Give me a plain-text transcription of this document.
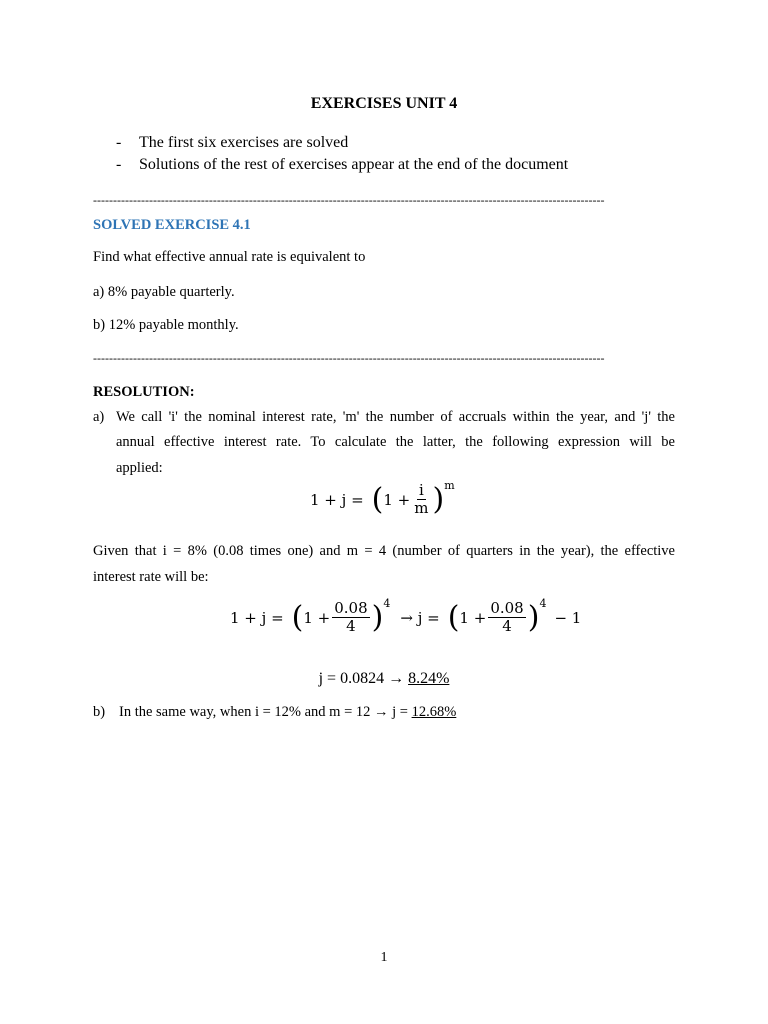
EXERCISES UNIT 4
-	The first six exercises are solved
-	Solutions of the rest of exercises appear at the end of the document
--------------------------------------------------------------------------------------------------------------------------------
SOLVED EXERCISE 4.1
Find what effective annual rate is equivalent to
a) 8% payable quarterly.
b) 12% payable monthly.
--------------------------------------------------------------------------------------------------------------------------------
RESOLUTION:
a) We call 'i' the nominal interest rate, 'm' the number of accruals within the year, and 'j' the
annual effective interest rate. To calculate the latter, the following expression will be
applied:
1 + j = ( $1 + \frac{i}{m}$ ) m
Given that i = 8% (0.08 times one) and m = 4 (number of quarters in the year), the effective
interest rate will be:
1 + j = ( $1 + \frac{0.08}{4}$ ) 4
→ j = ( $1 + \frac{0.08}{4}$ ) 4
− 1
j = 0.0824 → 8.24%
b) In the same way, when i = 12% and m = 12 → j = 12.68%
1
